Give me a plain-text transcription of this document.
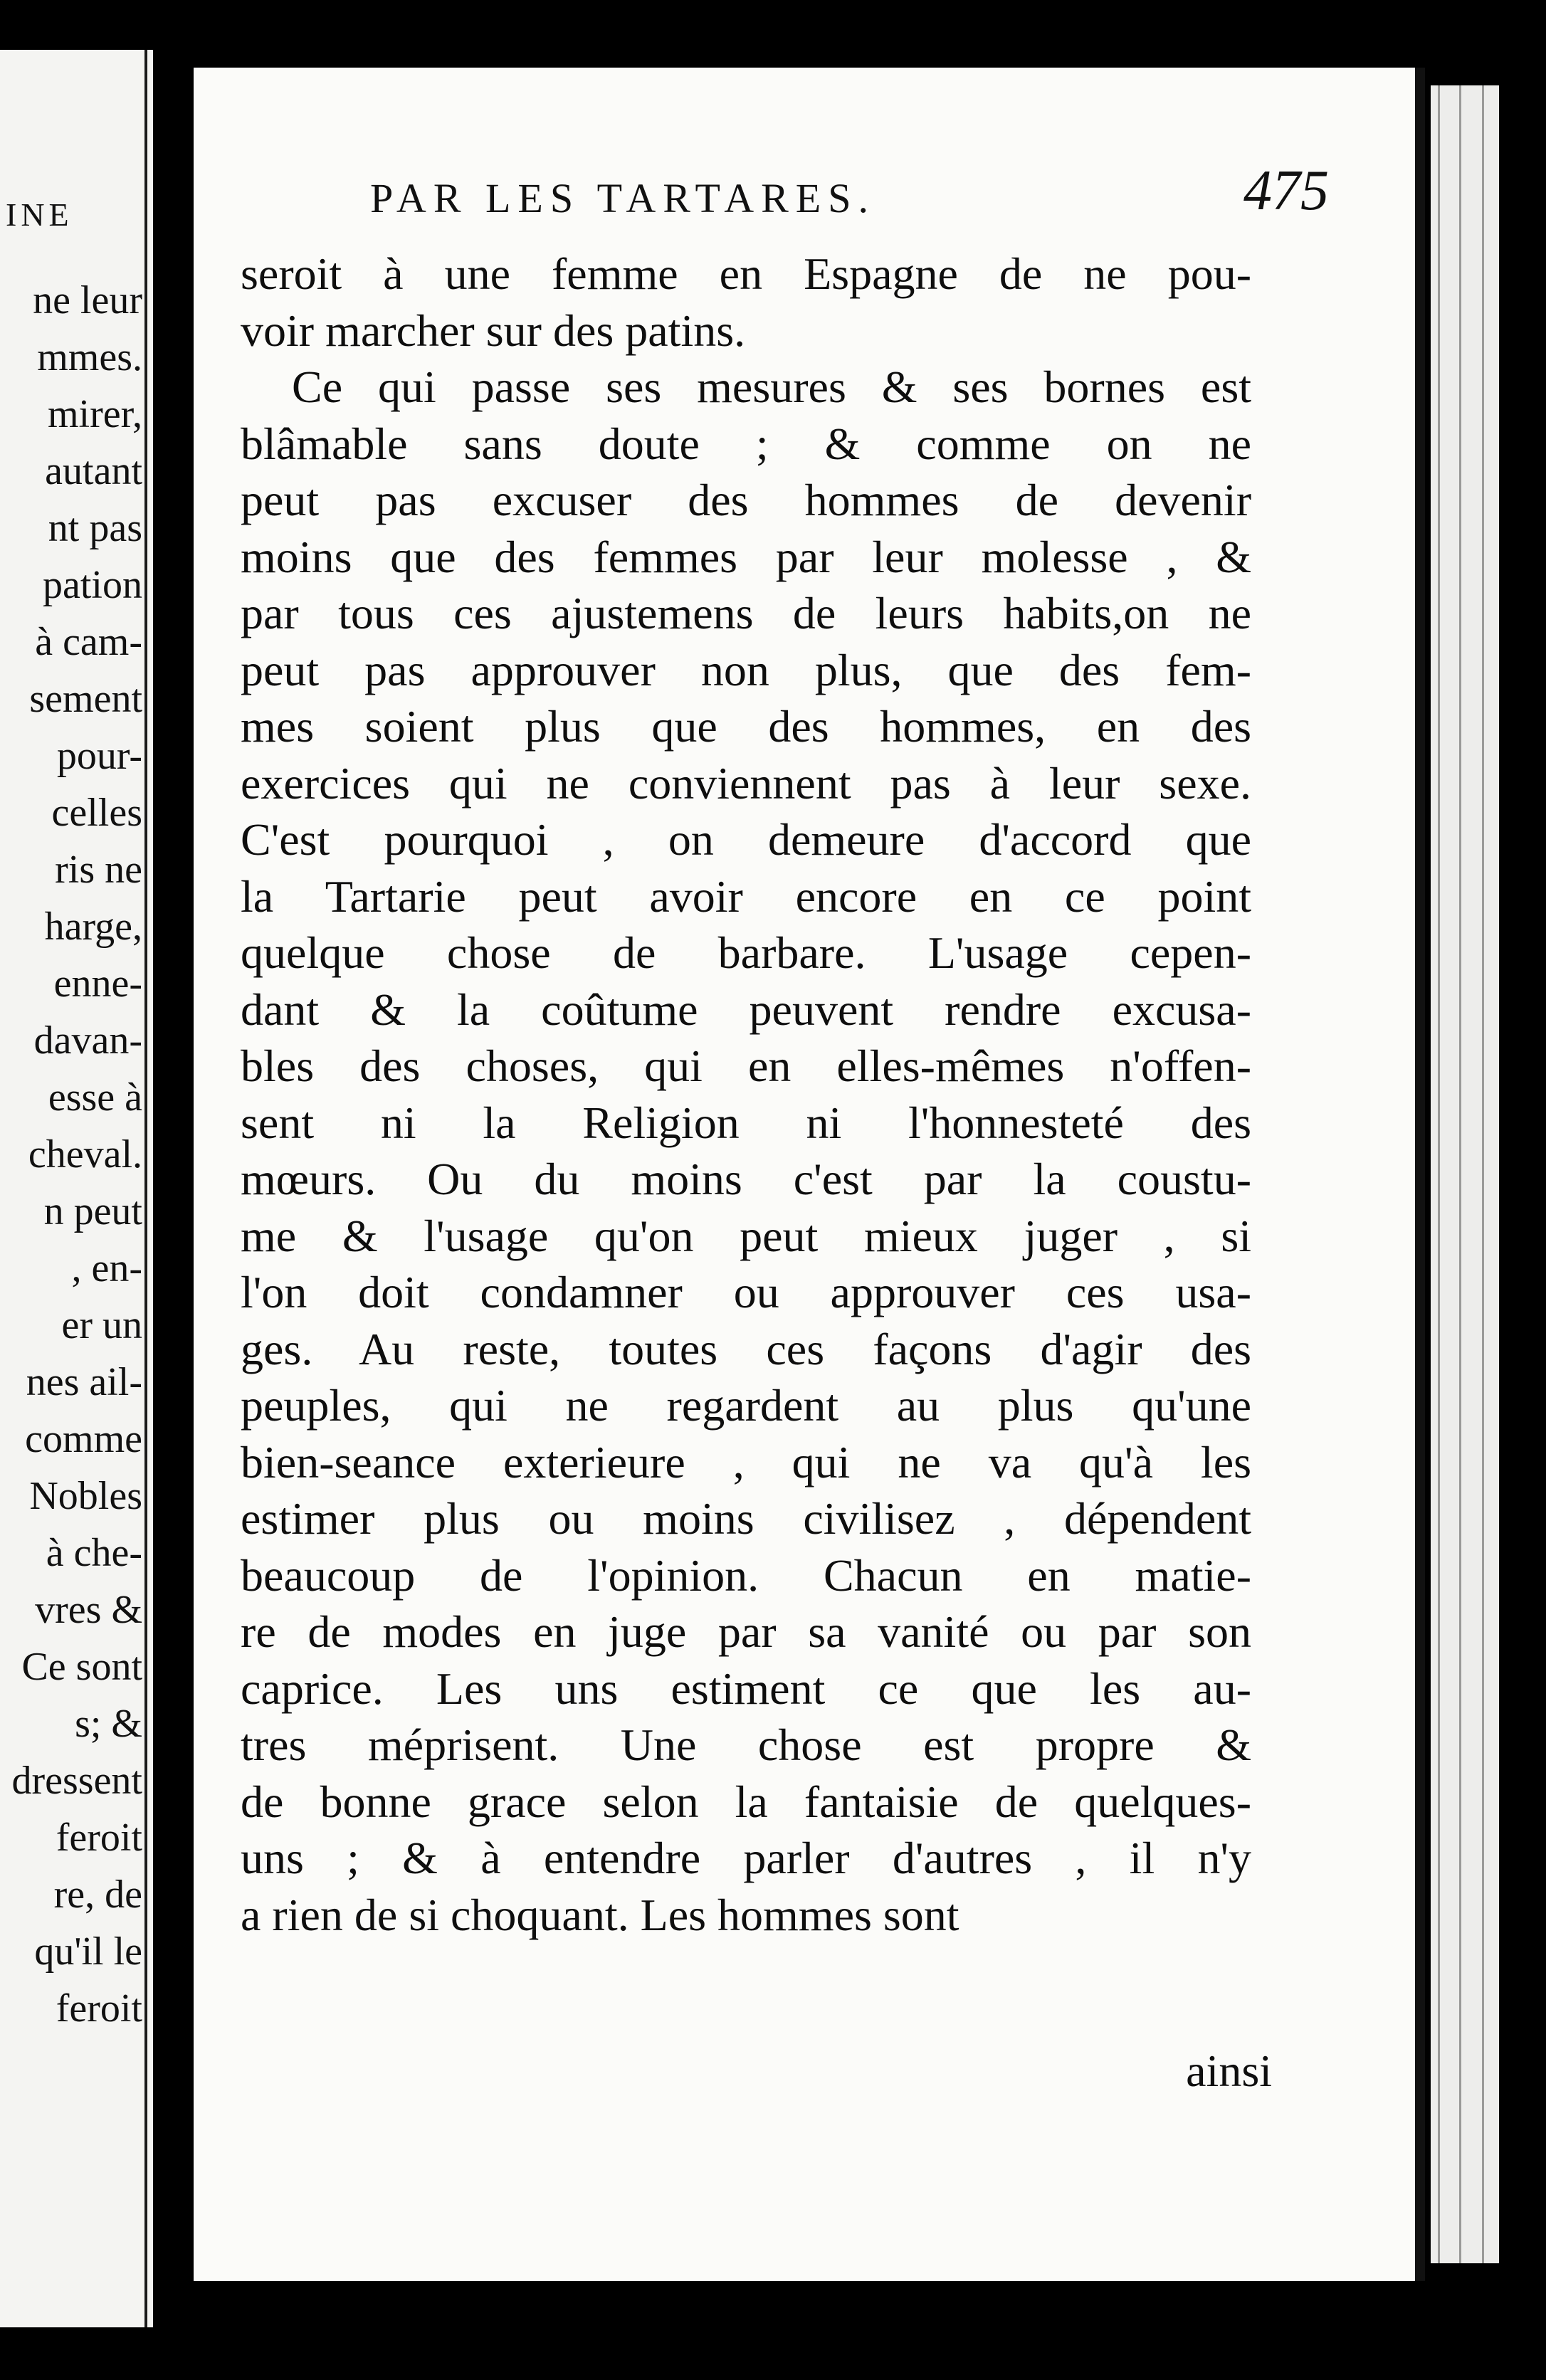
INE
ne leur
mmes.
mirer,
autant
nt pas
pation
à cam-
sement
pour-
celles
ris ne
harge,
enne-
davan-
esse à
cheval.
n peut
, en-
er un
nes ail-
comme
Nobles
à che-
vres &
Ce sont
s; &
dressent
feroit
re, de
qu'il le
feroit
PAR LES TARTARES.	475
seroit à une femme en Espagne de ne pou-
voir marcher sur des patins.
Ce qui passe ses mesures & ses bornes est
blâmable sans doute ; & comme on ne
peut pas excuser des hommes de devenir
moins que des femmes par leur molesse , &
par tous ces ajustemens de leurs habits,on ne
peut pas approuver non plus, que des fem-
mes soient plus que des hommes, en des
exercices qui ne conviennent pas à leur sexe.
C'est pourquoi , on demeure d'accord que
la Tartarie peut avoir encore en ce point
quelque chose de barbare. L'usage cepen-
dant & la coûtume peuvent rendre excusa-
bles des choses, qui en elles-mêmes n'offen-
sent ni la Religion ni l'honnesteté des
mœurs. Ou du moins c'est par la coustu-
me & l'usage qu'on peut mieux juger , si
l'on doit condamner ou approuver ces usa-
ges. Au reste, toutes ces façons d'agir des
peuples, qui ne regardent au plus qu'une
bien-seance exterieure , qui ne va qu'à les
estimer plus ou moins civilisez , dépendent
beaucoup de l'opinion. Chacun en matie-
re de modes en juge par sa vanité ou par son
caprice. Les uns estiment ce que les au-
tres méprisent. Une chose est propre &
de bonne grace selon la fantaisie de quelques-
uns ; & à entendre parler d'autres , il n'y
a rien de si choquant. Les hommes sont
ainsi
